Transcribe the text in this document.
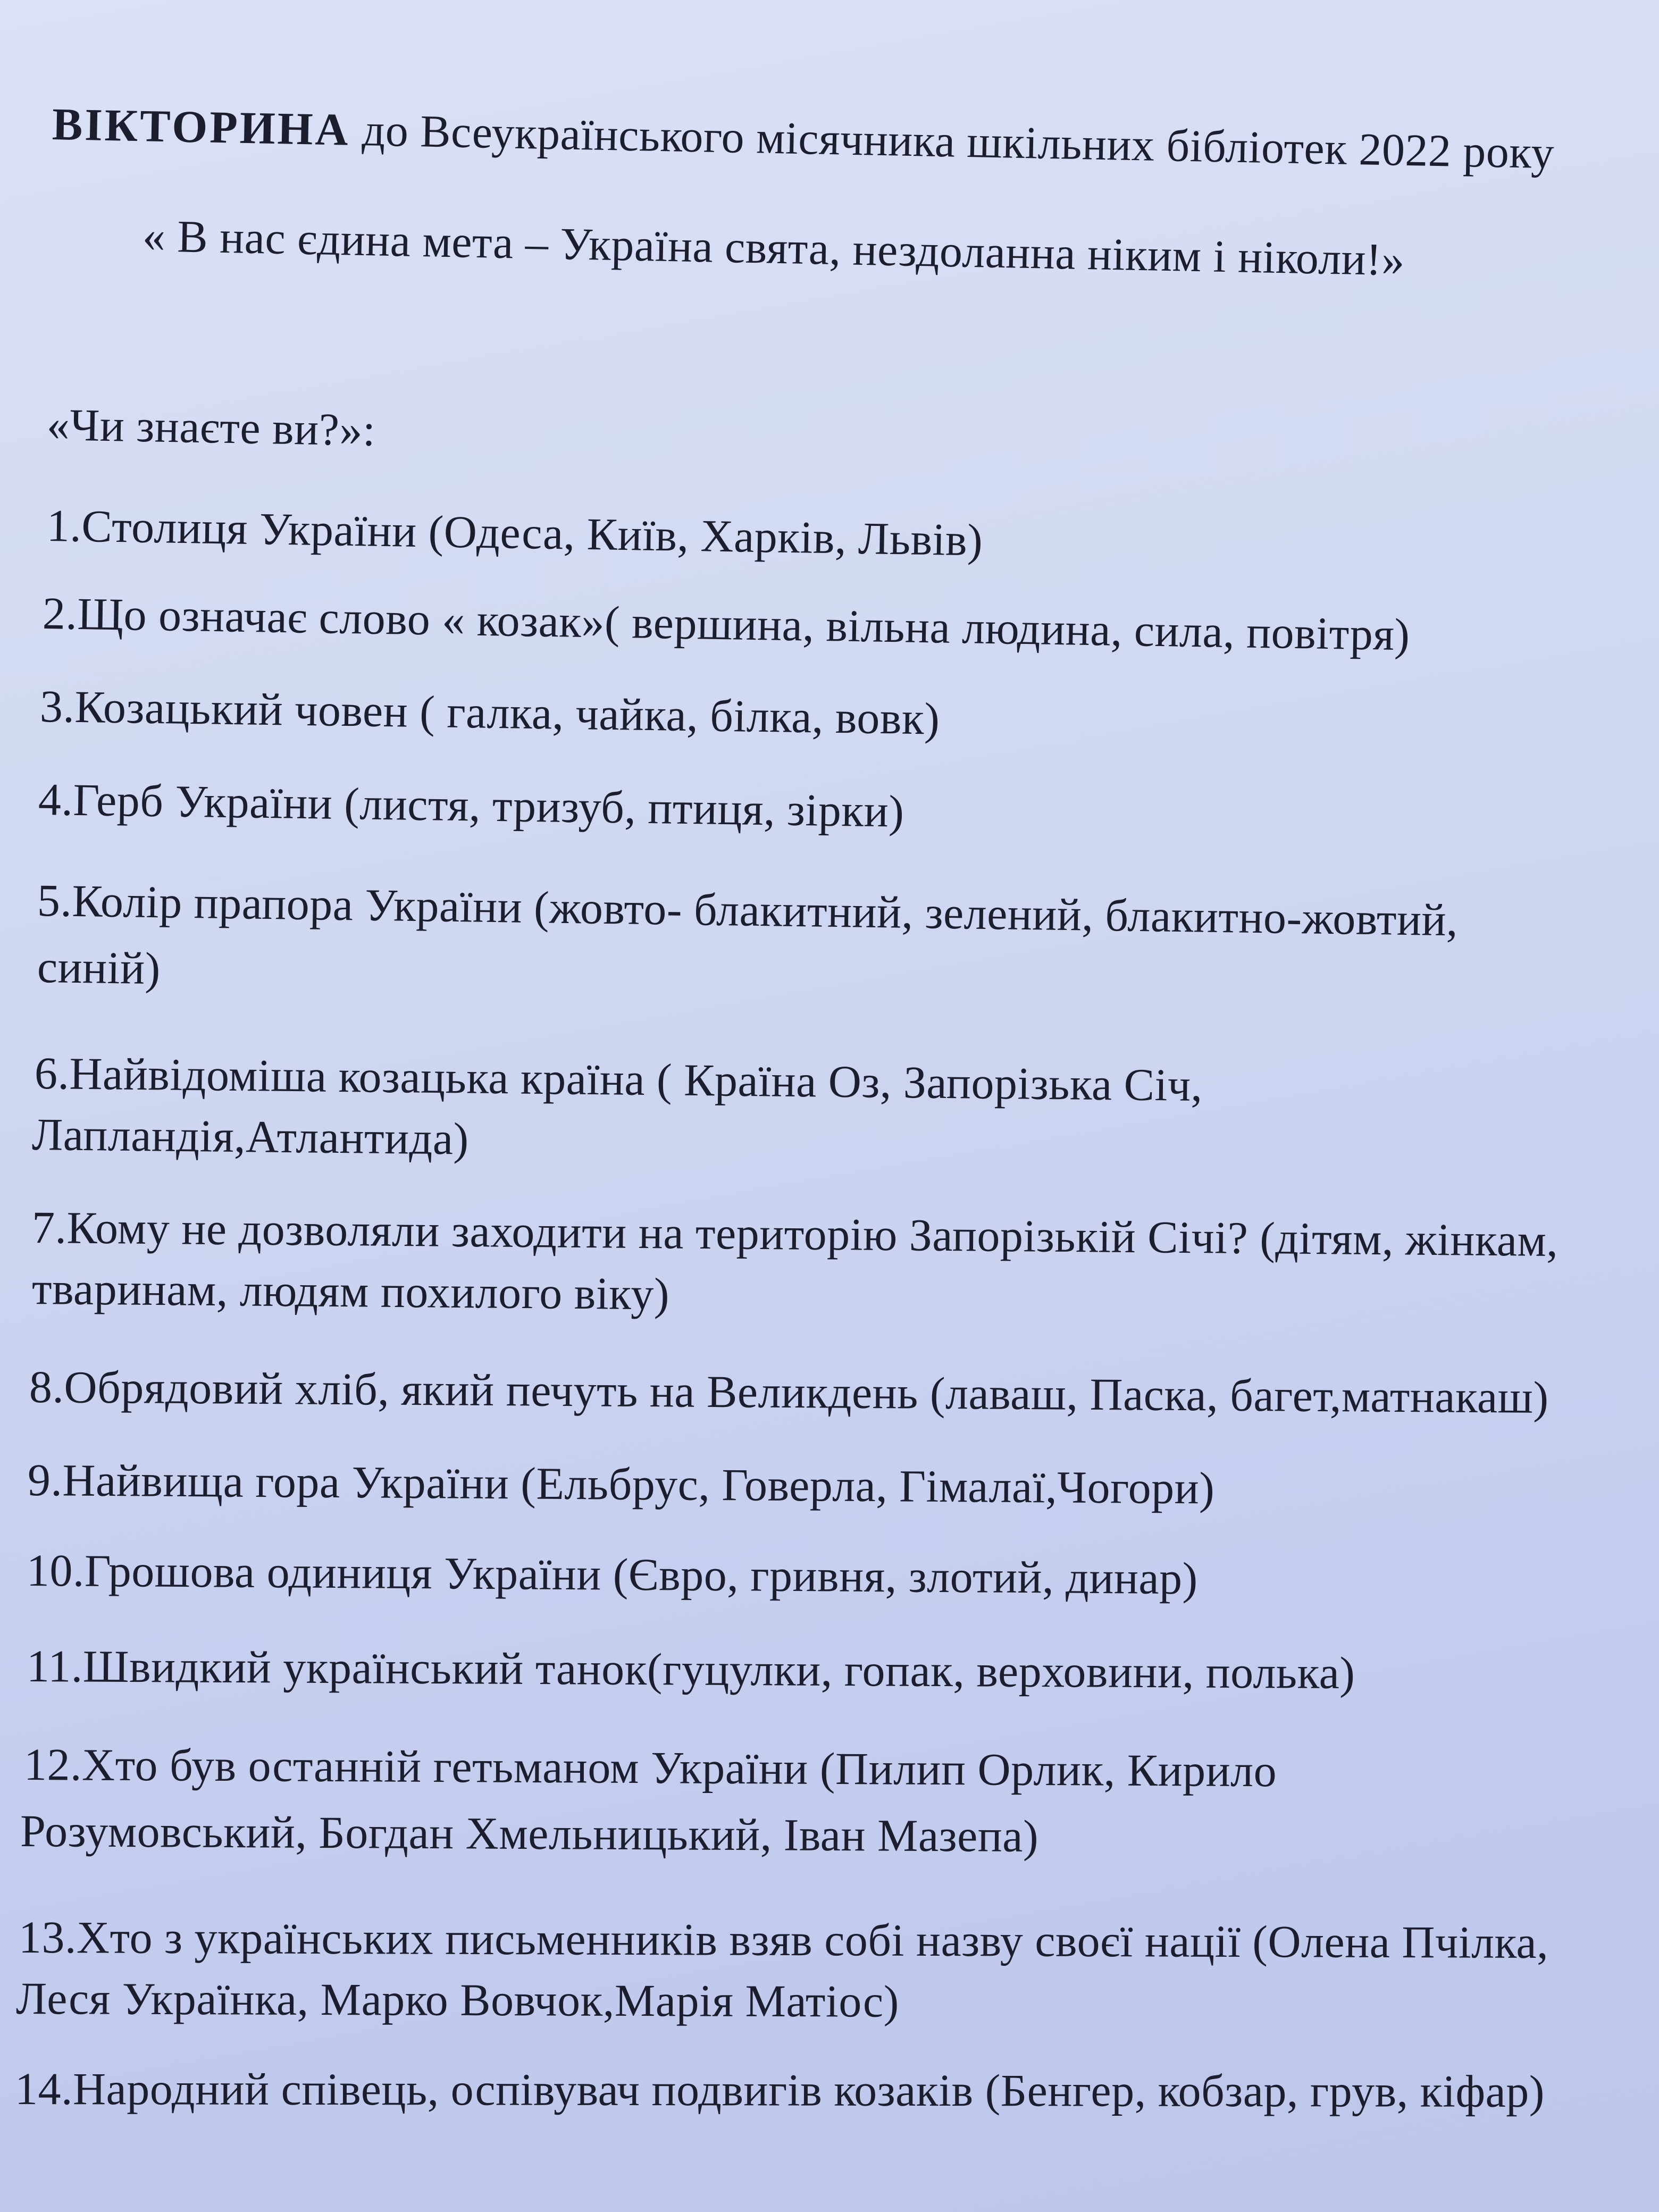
ВІКТОРИНА до Всеукраїнського місячника шкільних бібліотек 2022 року
« В нас єдина мета – Україна свята, нездоланна ніким і ніколи!»
«Чи знаєте ви?»:
1.Столиця України (Одеса, Київ, Харків, Львів)
2.Що означає слово « козак»( вершина, вільна людина, сила, повітря)
3.Козацький човен ( галка, чайка, білка, вовк)
4.Герб України (листя, тризуб, птиця, зірки)
5.Колір прапора України (жовто- блакитний, зелений, блакитно-жовтий,
синій)
6.Найвідоміша козацька країна ( Країна Оз, Запорізька Січ,
Лапландія,Атлантида)
7.Кому не дозволяли заходити на територію Запорізькій Січі? (дітям, жінкам,
тваринам, людям похилого віку)
8.Обрядовий хліб, який печуть на Великдень (лаваш, Паска, багет,матнакаш)
9.Найвища гора України (Ельбрус, Говерла, Гімалаї,Чогори)
10.Грошова одиниця України (Євро, гривня, злотий, динар)
11.Швидкий український танок(гуцулки, гопак, верховини, полька)
12.Хто був останній гетьманом України (Пилип Орлик, Кирило
Розумовський, Богдан Хмельницький, Іван Мазепа)
13.Хто з українських письменників взяв собі назву своєї нації (Олена Пчілка,
Леся Українка, Марко Вовчок,Марія Матіос)
14.Народний співець, оспівувач подвигів козаків (Бенгер, кобзар, грув, кіфар)
